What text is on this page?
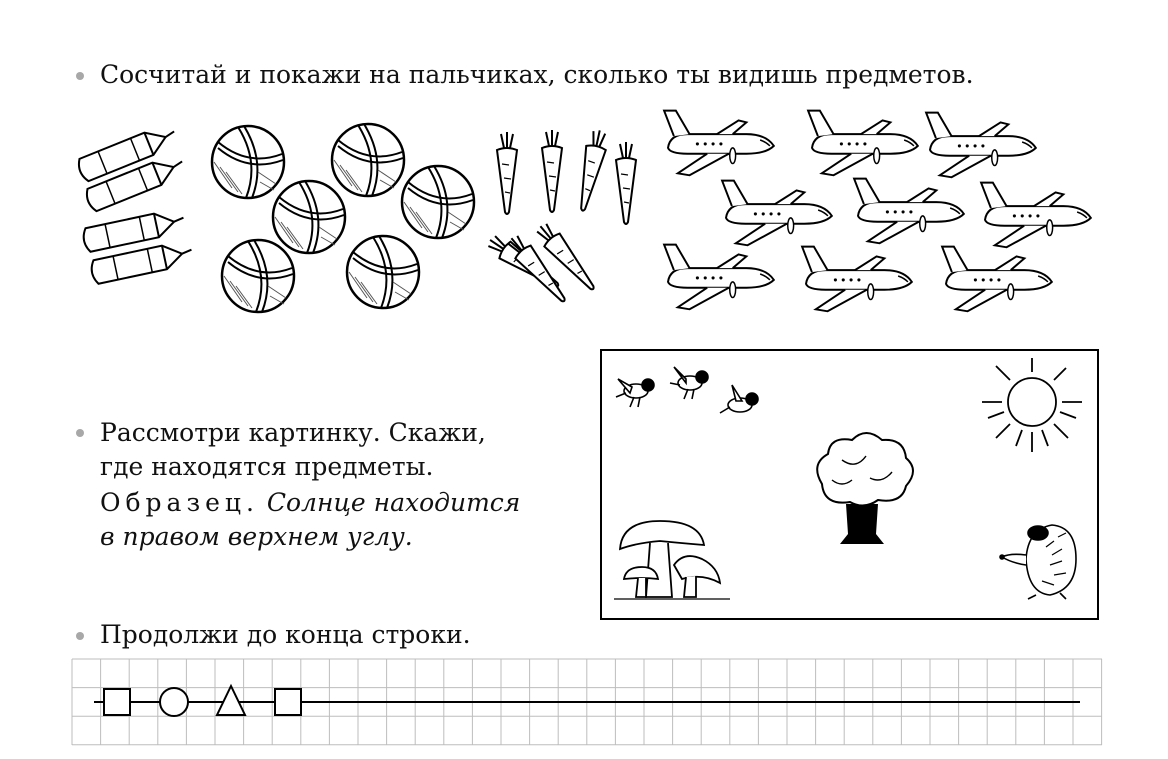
Сосчитай и покажи на пальчиках, сколько ты видишь предметов.
Рассмотри картинку. Скажи,
где находятся предметы.
Образец. Солнце находится
в правом верхнем углу.
Продолжи до конца строки.
